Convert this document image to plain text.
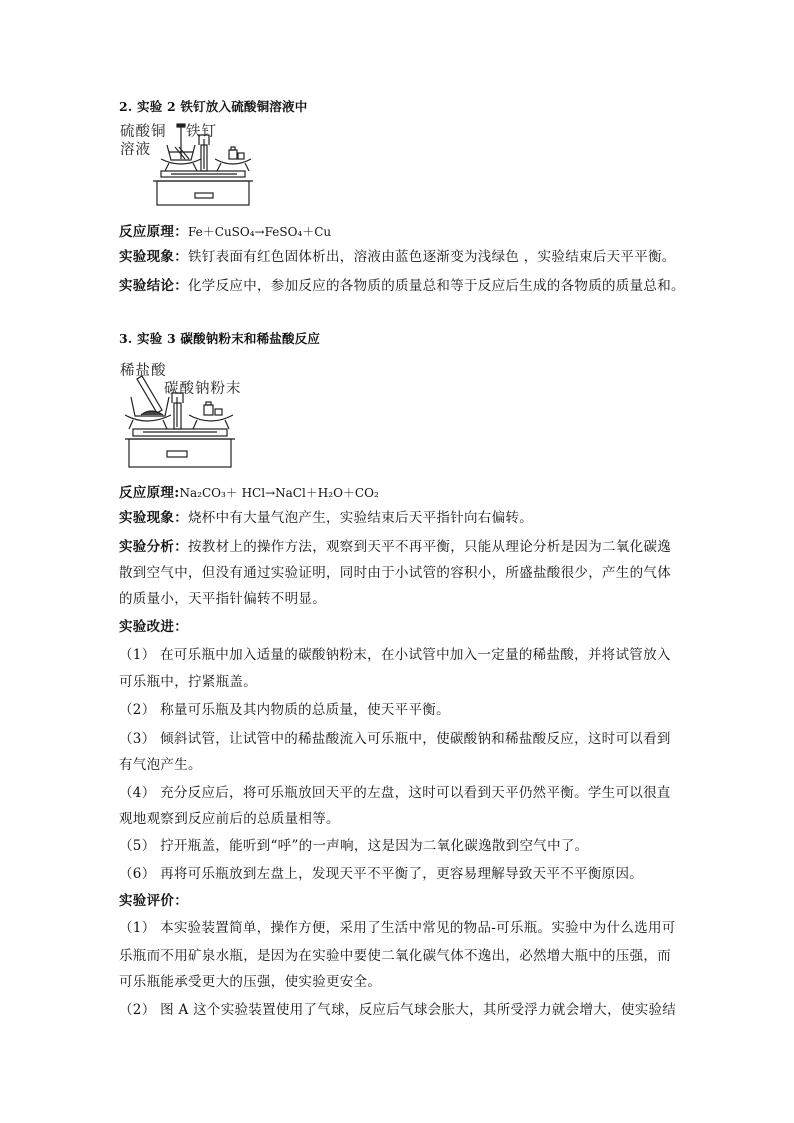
2. 实验 2 铁钉放入硫酸铜溶液中
硫酸铜
溶液
铁钉
反应原理：Fe＋CuSO₄→FeSO₄＋Cu
实验现象：铁钉表面有红色固体析出，溶液由蓝色逐渐变为浅绿色 ，实验结束后天平平衡。
实验结论：化学反应中，参加反应的各物质的质量总和等于反应后生成的各物质的质量总和。
3. 实验 3 碳酸钠粉末和稀盐酸反应
稀盐酸
碳酸钠粉末
反应原理:Na₂CO₃＋ HCl→NaCl＋H₂O＋CO₂
实验现象：烧杯中有大量气泡产生，实验结束后天平指针向右偏转。
实验分析：按教材上的操作方法，观察到天平不再平衡，只能从理论分析是因为二氧化碳逸
散到空气中，但没有通过实验证明，同时由于小试管的容积小，所盛盐酸很少，产生的气体
的质量小，天平指针偏转不明显。
实验改进：
（1） 在可乐瓶中加入适量的碳酸钠粉末，在小试管中加入一定量的稀盐酸，并将试管放入
可乐瓶中，拧紧瓶盖。
（2） 称量可乐瓶及其内物质的总质量，使天平平衡。
（3） 倾斜试管，让试管中的稀盐酸流入可乐瓶中，使碳酸钠和稀盐酸反应，这时可以看到
有气泡产生。
（4） 充分反应后，将可乐瓶放回天平的左盘，这时可以看到天平仍然平衡。学生可以很直
观地观察到反应前后的总质量相等。
（5） 拧开瓶盖，能听到“呼”的一声响，这是因为二氧化碳逸散到空气中了。
（6） 再将可乐瓶放到左盘上，发现天平不平衡了，更容易理解导致天平不平衡原因。
实验评价：
（1） 本实验装置简单，操作方便，采用了生活中常见的物品-可乐瓶。实验中为什么选用可
乐瓶而不用矿泉水瓶，是因为在实验中要使二氧化碳气体不逸出，必然增大瓶中的压强，而
可乐瓶能承受更大的压强，使实验更安全。
（2） 图 A 这个实验装置使用了气球，反应后气球会胀大，其所受浮力就会增大，使实验结
